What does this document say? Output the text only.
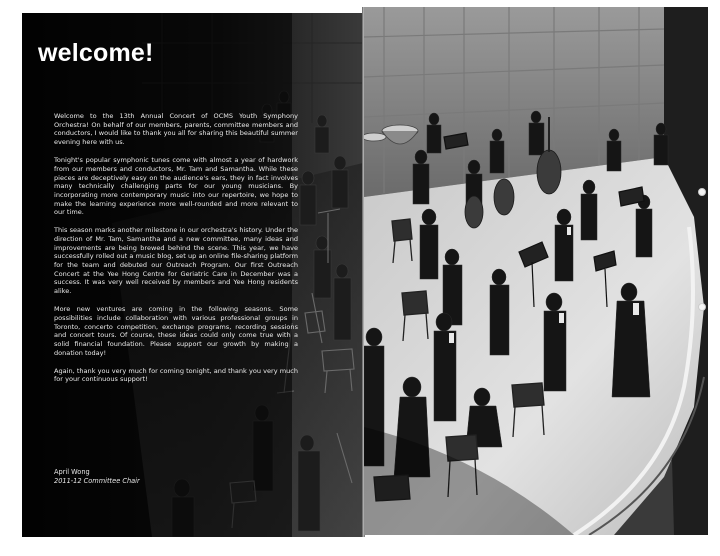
welcome!

Welcome to the 13th Annual Concert of OCMS Youth Symphony Orchestra! On behalf of our members, parents, committee members and conductors, I would like to thank you all for sharing this beautiful summer evening here with us.

Tonight's popular symphonic tunes come with almost a year of hardwork from our members and conductors, Mr. Tam and Samantha. While these pieces are deceptively easy on the audience's ears, they in fact involves many technically challenging parts for our young musicians. By incorporating more contemporary music into our repertoire, we hope to make the learning experience more well-rounded and more relevant to our time.

This season marks another milestone in our orchestra's history. Under the direction of Mr. Tam, Samantha and a new committee, many ideas and improvements are being brewed behind the scene. This year, we have successfully rolled out a music blog, set up an online file-sharing platform for the team and debuted our Outreach Program. Our first Outreach Concert at the Yee Hong Centre for Geriatric Care in December was a success. It was very well received by members and Yee Hong residents alike.

More new ventures are coming in the following seasons. Some possibilities include collaboration with various professional groups in Toronto, concerto competition, exchange programs, recording sessions and concert tours. Of course, these ideas could only come true with a solid financial foundation. Please support our growth by making a donation today!

Again, thank you very much for coming tonight, and thank you very much for your continuous support!

April Wong
2011-12 Committee Chair
